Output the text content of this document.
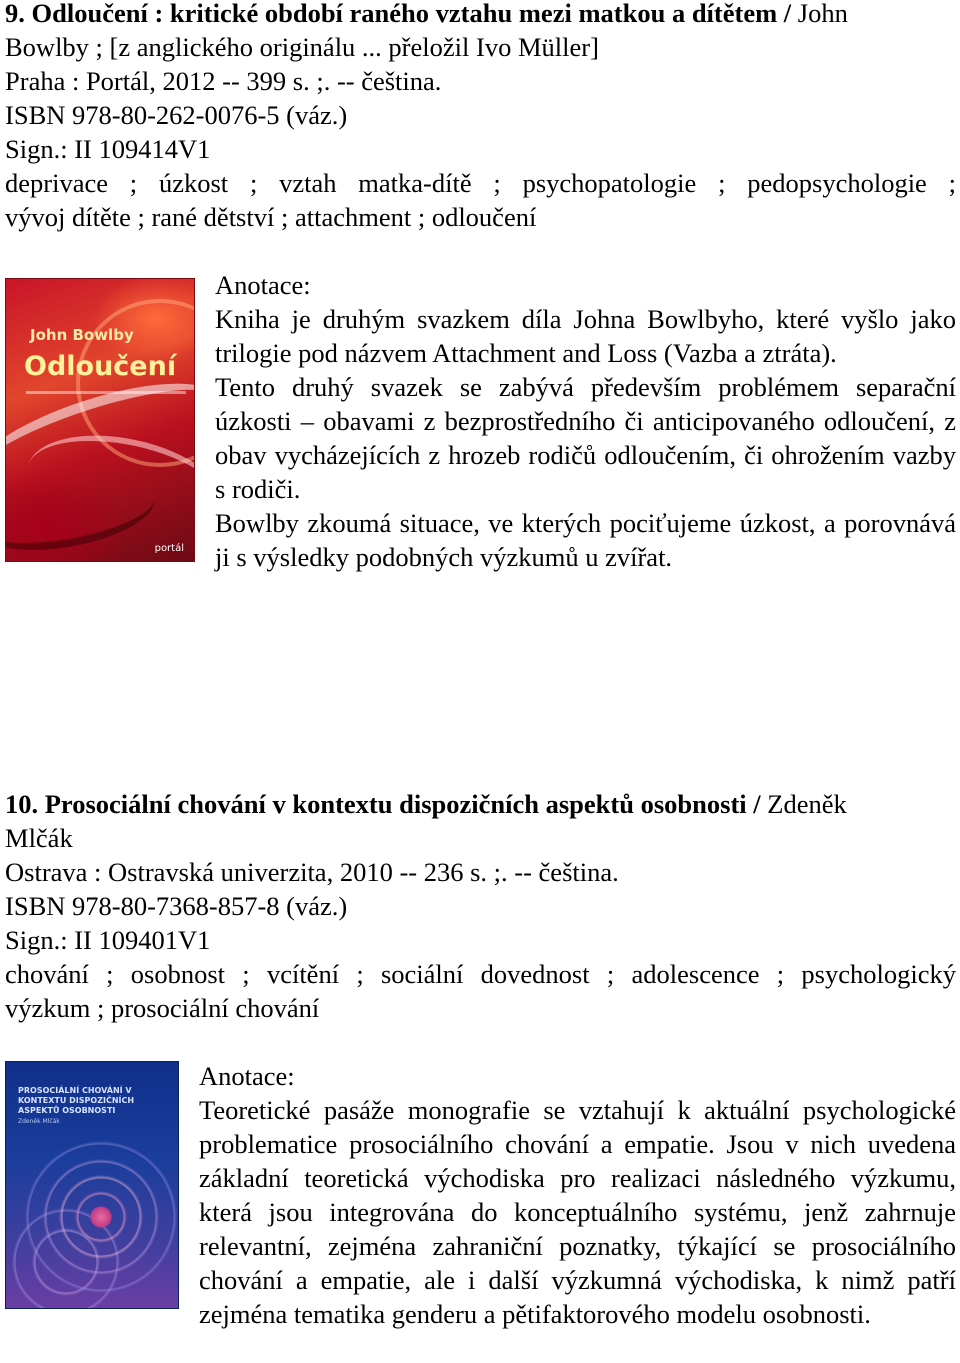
9. Odloučení : kritické období raného vztahu mezi matkou a dítětem / John
Bowlby ; [z anglického originálu ... přeložil Ivo Müller]
Praha : Portál, 2012 -- 399 s. ;. -- čeština.
ISBN 978-80-262-0076-5 (váz.)
Sign.: II 109414V1
deprivace ; úzkost ; vztah matka-dítě ; psychopatologie ; pedopsychologie ;
vývoj dítěte ; rané dětství ; attachment ; odloučení
John Bowlby
Odloučení
portál
Anotace:
Kniha je druhým svazkem díla Johna Bowlbyho, které vyšlo jako trilogie pod názvem Attachment and Loss (Vazba a ztráta).
Tento druhý svazek se zabývá především problémem separační úzkosti – obavami z bezprostředního či anticipovaného odloučení, z obav vycházejících z hrozeb rodičů odloučením, či ohrožením vazby s rodiči.
Bowlby zkoumá situace, ve kterých pociťujeme úzkost, a porovnává ji s výsledky podobných výzkumů u zvířat.
10. Prosociální chování v kontextu dispozičních aspektů osobnosti / Zdeněk
Mlčák
Ostrava : Ostravská univerzita, 2010 -- 236 s. ;. -- čeština.
ISBN 978-80-7368-857-8 (váz.)
Sign.: II 109401V1
chování ; osobnost ; vcítění ; sociální dovednost ; adolescence ; psychologický
výzkum ; prosociální chování
PROSOCIÁLNÍ CHOVÁNÍ V KONTEXTU DISPOZIČNÍCH ASPEKTŮ OSOBNOSTI
Zdeněk Mlčák
Anotace:
Teoretické pasáže monografie se vztahují k aktuální psychologické problematice prosociálního chování a empatie. Jsou v nich uvedena základní teoretická východiska pro realizaci následného výzkumu, která jsou integrována do konceptuálního systému, jenž zahrnuje relevantní, zejména zahraniční poznatky, týkající se prosociálního chování a empatie, ale i další výzkumná východiska, k nimž patří zejména tematika genderu a pětifaktorového modelu osobnosti.
